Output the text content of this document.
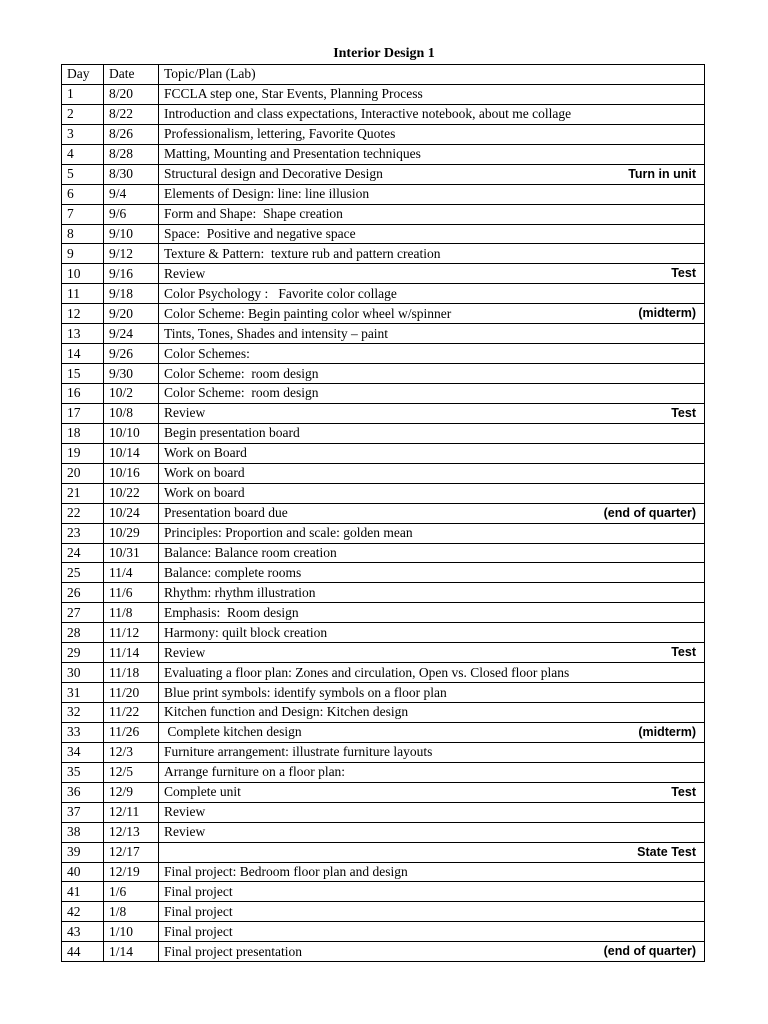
Interior Design 1
Day	Date	Topic/Plan (Lab)
1	8/20	FCCLA step one, Star Events, Planning Process
2	8/22	Introduction and class expectations, Interactive notebook, about me collage
3	8/26	Professionalism, lettering, Favorite Quotes
4	8/28	Matting, Mounting and Presentation techniques
5	8/30	Structural design and Decorative Design Turn in unit

6	9/4	Elements of Design: line: line illusion
7	9/6	Form and Shape:  Shape creation
8	9/10	Space:  Positive and negative space
9	9/12	Texture & Pattern:  texture rub and pattern creation
10	9/16	Review Test

11	9/18	Color Psychology :   Favorite color collage
12	9/20	Color Scheme: Begin painting color wheel w/spinner (midterm)

13	9/24	Tints, Tones, Shades and intensity – paint
14	9/26	Color Schemes:
15	9/30	Color Scheme:  room design
16	10/2	Color Scheme:  room design
17	10/8	Review Test

18	10/10	Begin presentation board
19	10/14	Work on Board
20	10/16	Work on board
21	10/22	Work on board
22	10/24	Presentation board due (end of quarter)

23	10/29	Principles: Proportion and scale: golden mean
24	10/31	Balance: Balance room creation
25	11/4	Balance: complete rooms
26	11/6	Rhythm: rhythm illustration
27	11/8	Emphasis:  Room design
28	11/12	Harmony: quilt block creation
29	11/14	Review Test

30	11/18	Evaluating a floor plan: Zones and circulation, Open vs. Closed floor plans
31	11/20	Blue print symbols: identify symbols on a floor plan
32	11/22	Kitchen function and Design: Kitchen design
33	11/26	Complete kitchen design (midterm)

34	12/3	Furniture arrangement: illustrate furniture layouts
35	12/5	Arrange furniture on a floor plan:
36	12/9	Complete unit Test

37	12/11	Review
38	12/13	Review
39	12/17	State Test

40	12/19	Final project: Bedroom floor plan and design
41	1/6	Final project
42	1/8	Final project
43	1/10	Final project
44	1/14	Final project presentation (end of quarter)
